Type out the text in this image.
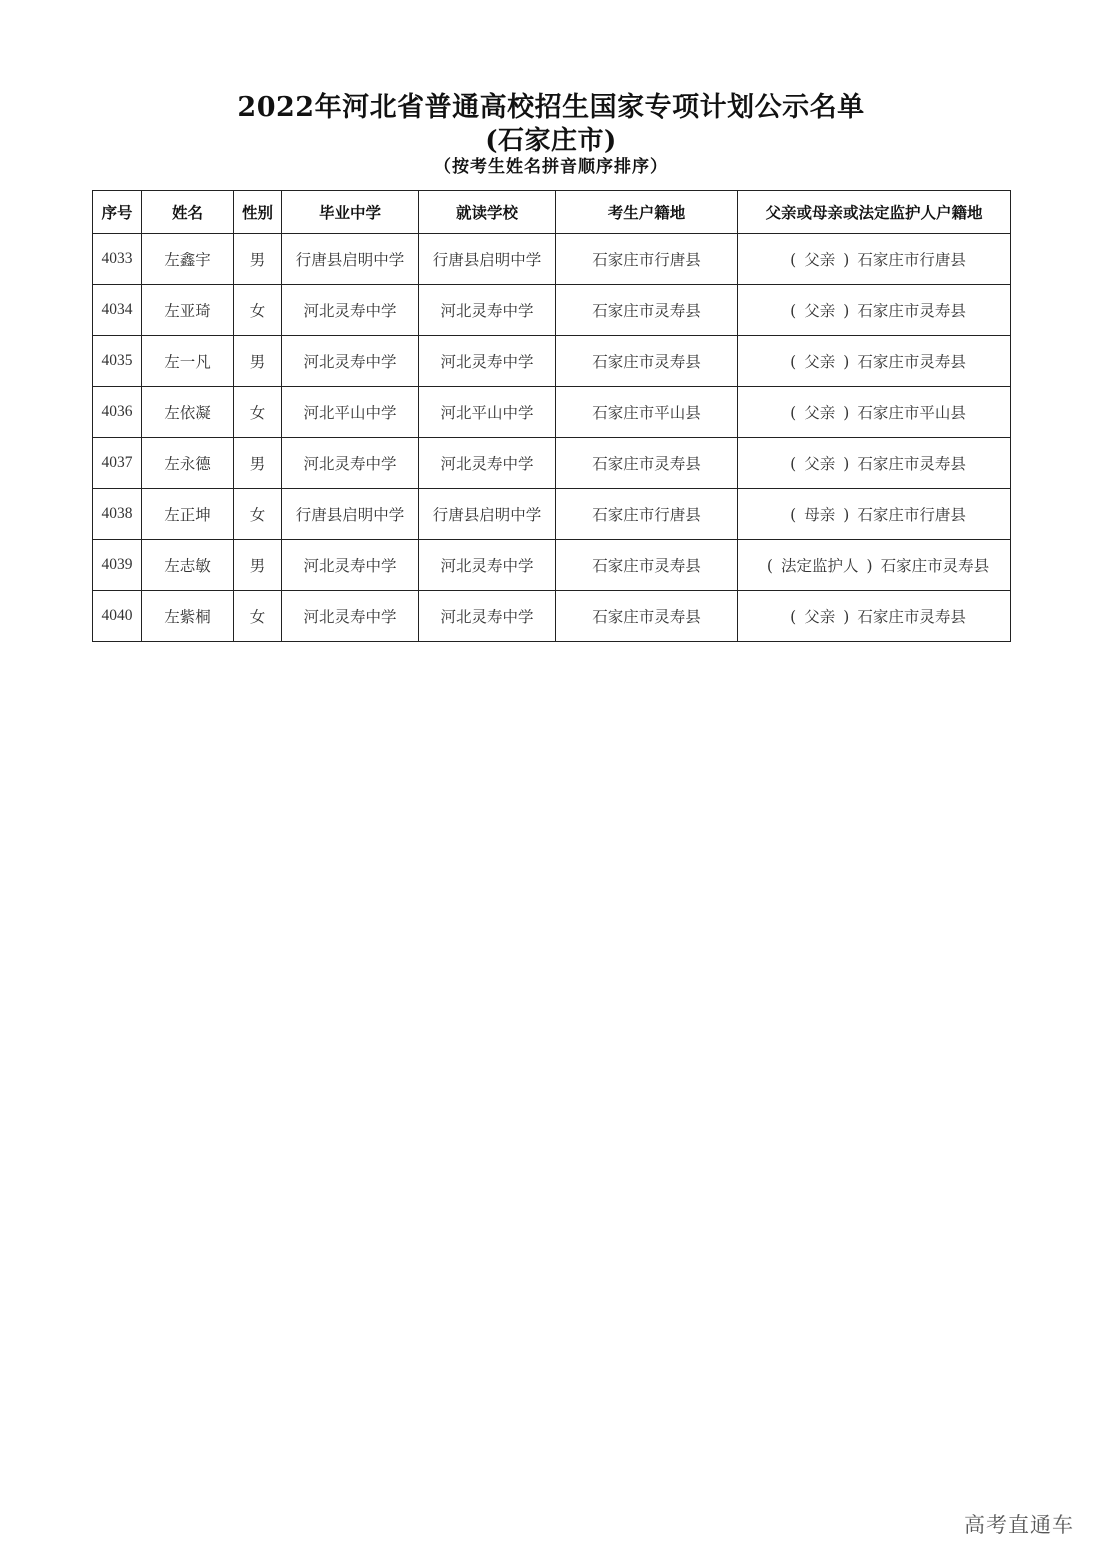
2022年河北省普通高校招生国家专项计划公示名单
(石家庄市)
（按考生姓名拼音顺序排序）
序号	姓名	性别	毕业中学	就读学校	考生户籍地	父亲或母亲或法定监护人户籍地
4033	左鑫宇	男	行唐县启明中学	行唐县启明中学	石家庄市行唐县	( 父亲 ) 石家庄市行唐县
4034	左亚琦	女	河北灵寿中学	河北灵寿中学	石家庄市灵寿县	( 父亲 ) 石家庄市灵寿县
4035	左一凡	男	河北灵寿中学	河北灵寿中学	石家庄市灵寿县	( 父亲 ) 石家庄市灵寿县
4036	左依凝	女	河北平山中学	河北平山中学	石家庄市平山县	( 父亲 ) 石家庄市平山县
4037	左永德	男	河北灵寿中学	河北灵寿中学	石家庄市灵寿县	( 父亲 ) 石家庄市灵寿县
4038	左正坤	女	行唐县启明中学	行唐县启明中学	石家庄市行唐县	( 母亲 ) 石家庄市行唐县
4039	左志敏	男	河北灵寿中学	河北灵寿中学	石家庄市灵寿县	( 法定监护人 ) 石家庄市灵寿县
4040	左紫桐	女	河北灵寿中学	河北灵寿中学	石家庄市灵寿县	( 父亲 ) 石家庄市灵寿县
高考直通车
